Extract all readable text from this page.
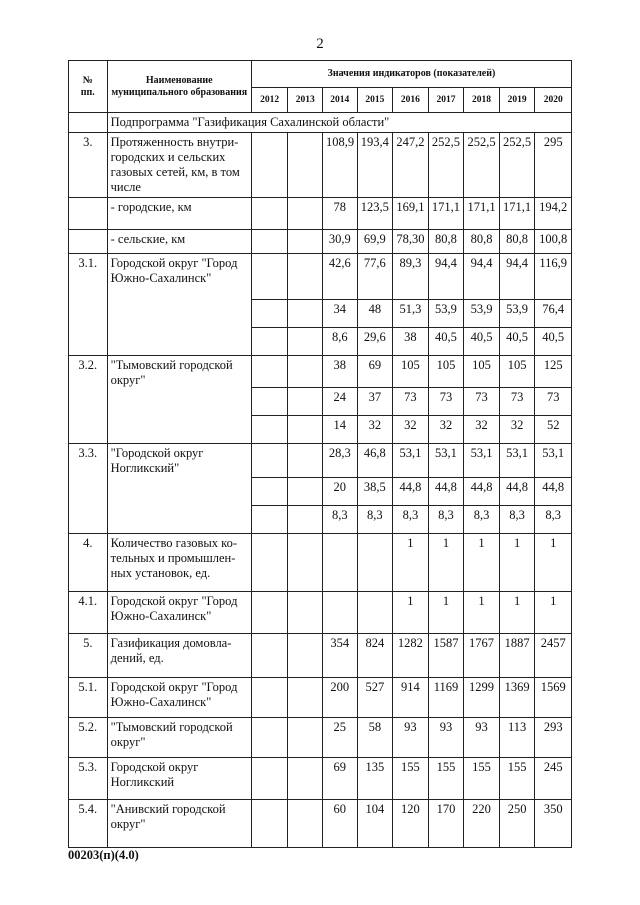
2
№
пп.	Наименование муниципального образования	Значения индикаторов (показателей)								
		2012	2013	2014	2015	2016	2017	2018	2019	2020
	Подпрограмма "Газификация Сахалинской области"									
3.	Протяженность внутри-городских и сельских газовых сетей, км, в том числе			108,9	193,4	247,2	252,5	252,5	252,5	295
	- городские, км			78	123,5	169,1	171,1	171,1	171,1	194,2
	- сельские, км			30,9	69,9	78,30	80,8	80,8	80,8	100,8
3.1.	Городской округ "Город Южно-Сахалинск"			42,6	77,6	89,3	94,4	94,4	94,4	116,9
				34	48	51,3	53,9	53,9	53,9	76,4
				8,6	29,6	38	40,5	40,5	40,5	40,5
3.2.	"Тымовский городской округ"			38	69	105	105	105	105	125
				24	37	73	73	73	73	73
				14	32	32	32	32	32	52
3.3.	"Городской округ Ногликский"			28,3	46,8	53,1	53,1	53,1	53,1	53,1
				20	38,5	44,8	44,8	44,8	44,8	44,8
				8,3	8,3	8,3	8,3	8,3	8,3	8,3
4.	Количество газовых ко-тельных и промышлен-ных установок, ед.					1	1	1	1	1
4.1.	Городской округ "Город Южно-Сахалинск"					1	1	1	1	1
5.	Газификация домовла-дений, ед.			354	824	1282	1587	1767	1887	2457
5.1.	Городской округ "Город Южно-Сахалинск"			200	527	914	1169	1299	1369	1569
5.2.	"Тымовский городской округ"			25	58	93	93	93	113	293
5.3.	Городской округ Ногликский			69	135	155	155	155	155	245
5.4.	"Анивский городской округ"			60	104	120	170	220	250	350
00203(п)(4.0)
